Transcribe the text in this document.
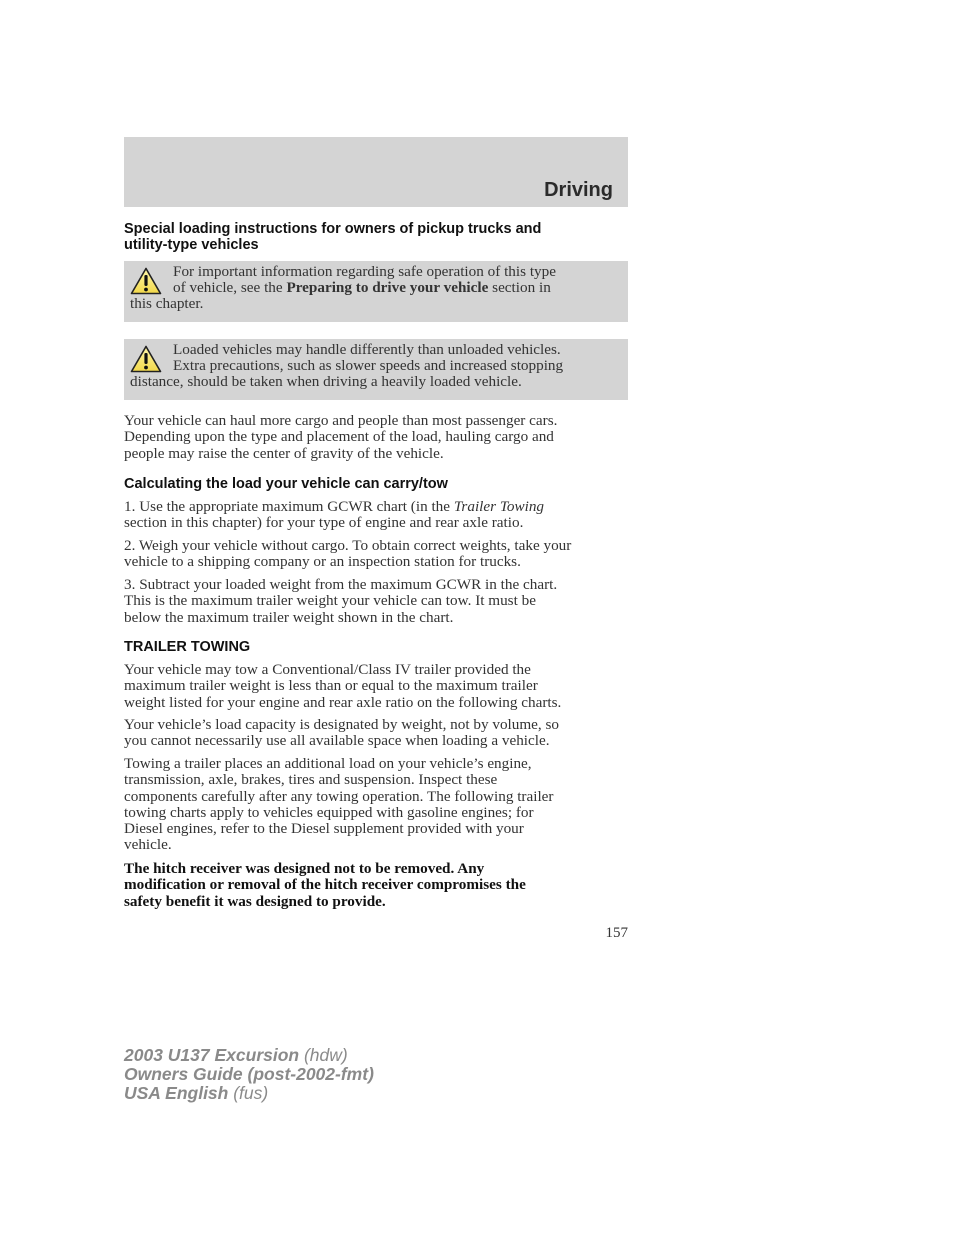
Driving
Special loading instructions for owners of pickup trucks and
utility-type vehicles
For important information regarding safe operation of this type
of vehicle, see the Preparing to drive your vehicle section in
this chapter.
Loaded vehicles may handle differently than unloaded vehicles.
Extra precautions, such as slower speeds and increased stopping
distance, should be taken when driving a heavily loaded vehicle.
Your vehicle can haul more cargo and people than most passenger cars.
Depending upon the type and placement of the load, hauling cargo and
people may raise the center of gravity of the vehicle.
Calculating the load your vehicle can carry/tow
1. Use the appropriate maximum GCWR chart (in the Trailer Towing
section in this chapter) for your type of engine and rear axle ratio.
2. Weigh your vehicle without cargo. To obtain correct weights, take your
vehicle to a shipping company or an inspection station for trucks.
3. Subtract your loaded weight from the maximum GCWR in the chart.
This is the maximum trailer weight your vehicle can tow. It must be
below the maximum trailer weight shown in the chart.
TRAILER TOWING
Your vehicle may tow a Conventional/Class IV trailer provided the
maximum trailer weight is less than or equal to the maximum trailer
weight listed for your engine and rear axle ratio on the following charts.
Your vehicle’s load capacity is designated by weight, not by volume, so
you cannot necessarily use all available space when loading a vehicle.
Towing a trailer places an additional load on your vehicle’s engine,
transmission, axle, brakes, tires and suspension. Inspect these
components carefully after any towing operation. The following trailer
towing charts apply to vehicles equipped with gasoline engines; for
Diesel engines, refer to the Diesel supplement provided with your
vehicle.
The hitch receiver was designed not to be removed. Any
modification or removal of the hitch receiver compromises the
safety benefit it was designed to provide.
157
2003 U137 Excursion (hdw)
Owners Guide (post-2002-fmt)
USA English (fus)
